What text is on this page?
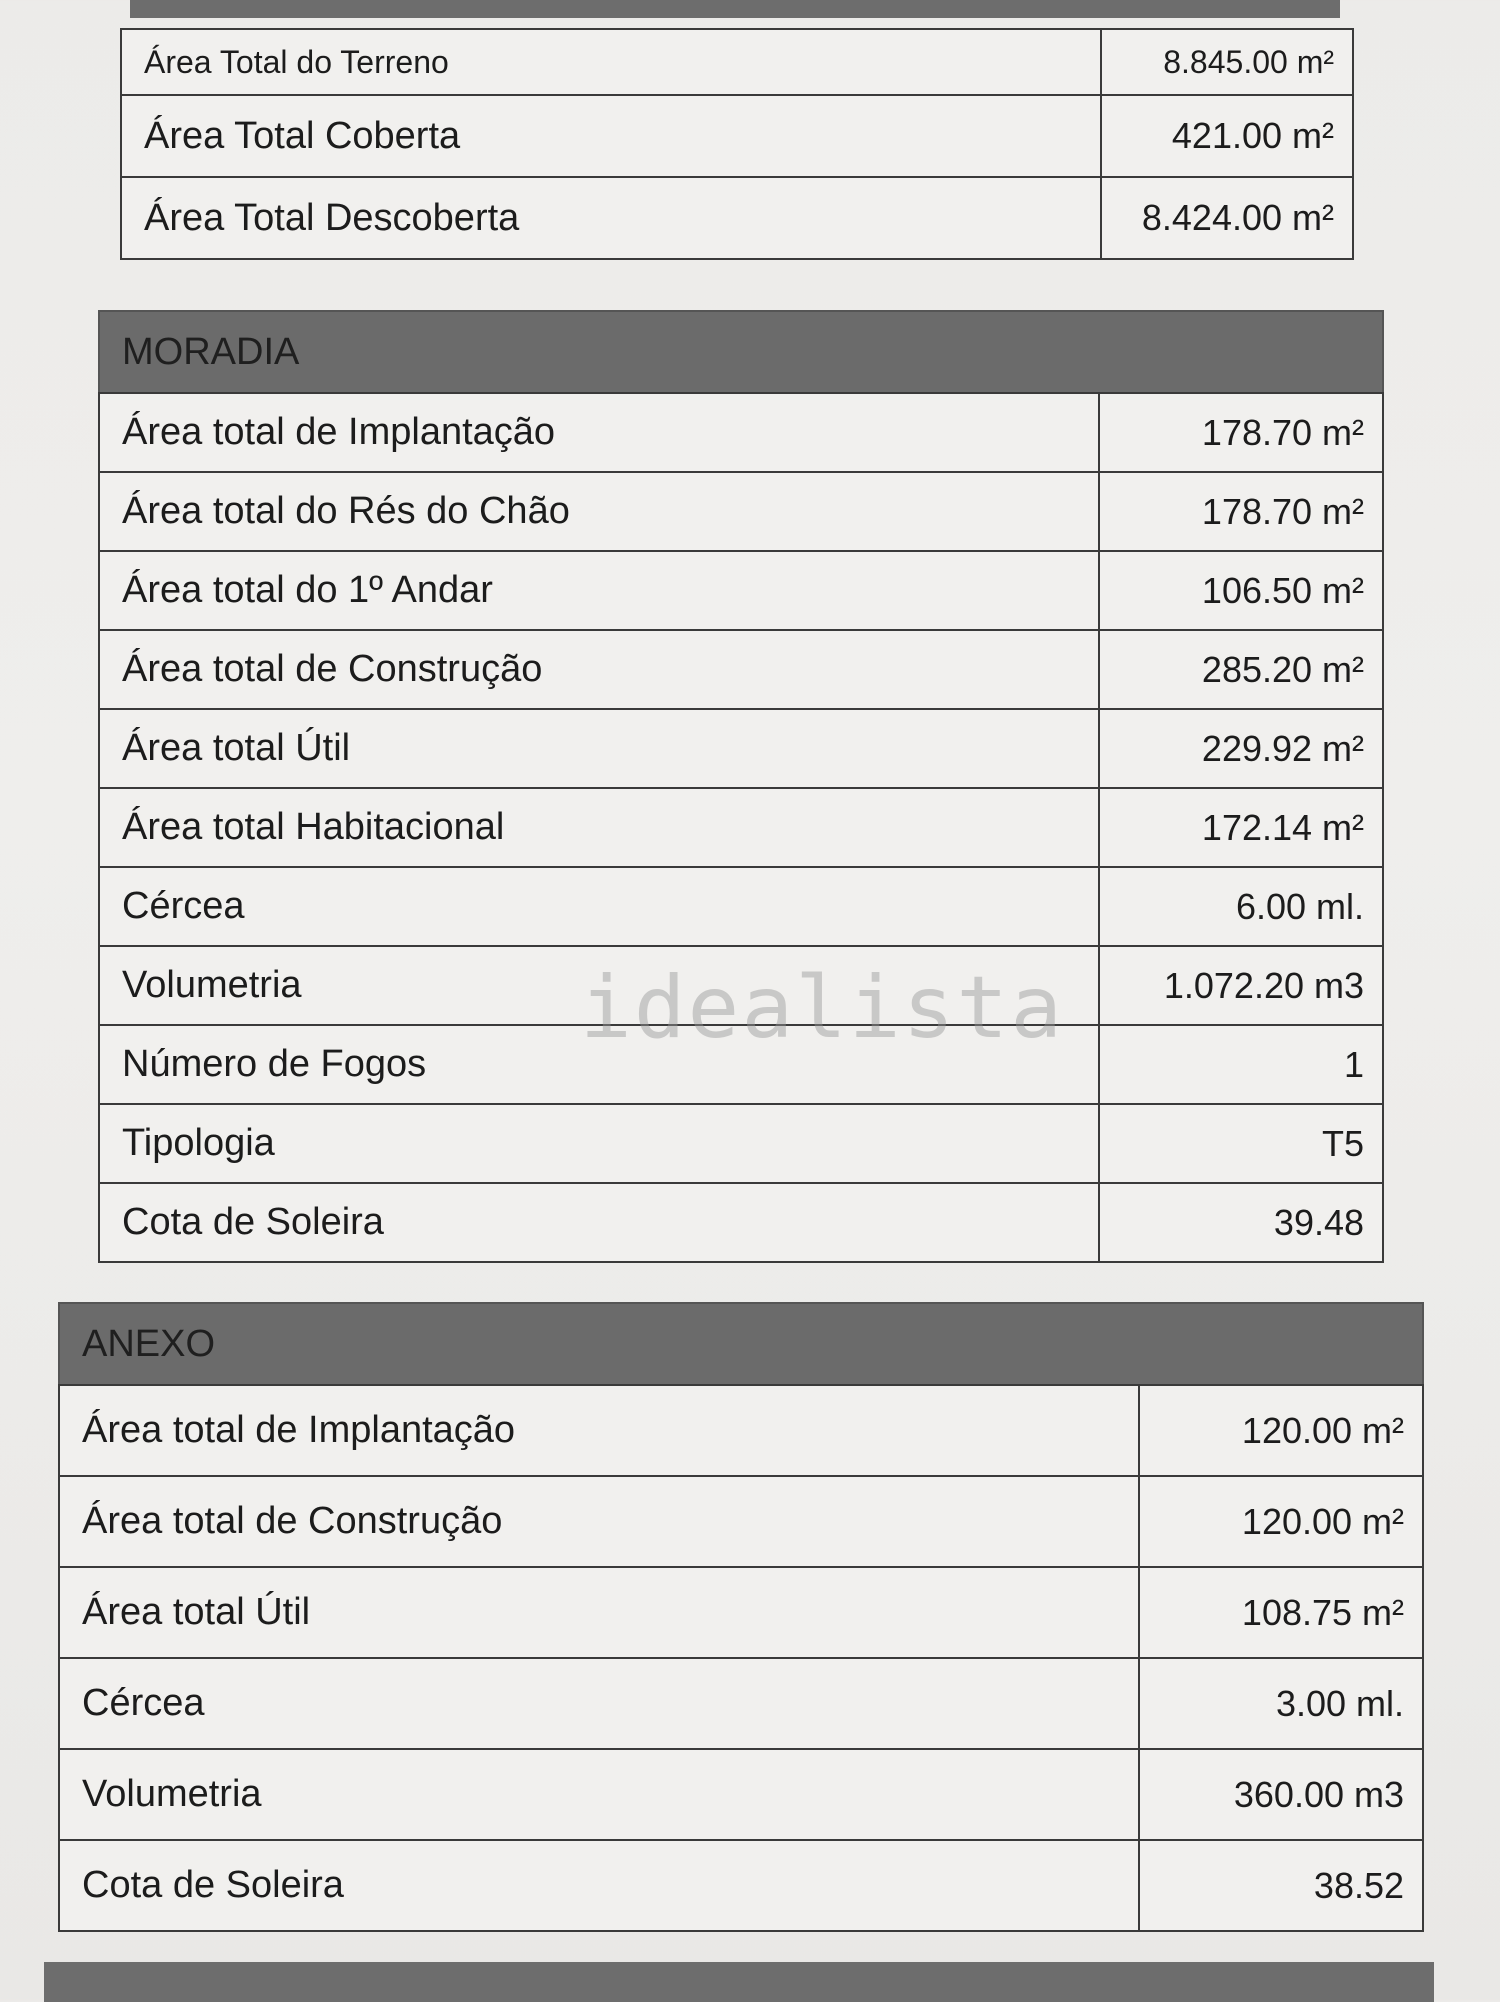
Área Total do Terreno	8.845.00 m²
Área Total Coberta	421.00 m²
Área Total Descoberta	8.424.00 m²
MORADIA	
Área total de Implantação	178.70 m²
Área total do Rés do Chão	178.70 m²
Área total do 1º Andar	106.50 m²
Área total de Construção	285.20 m²
Área total Útil	229.92 m²
Área total Habitacional	172.14 m²
Cércea	6.00 ml.
Volumetria	1.072.20 m3
Número de Fogos	1
Tipologia	T5
Cota de Soleira	39.48
ANEXO	
Área total de Implantação	120.00 m²
Área total de Construção	120.00 m²
Área total Útil	108.75 m²
Cércea	3.00 ml.
Volumetria	360.00 m3
Cota de Soleira	38.52
idealista
